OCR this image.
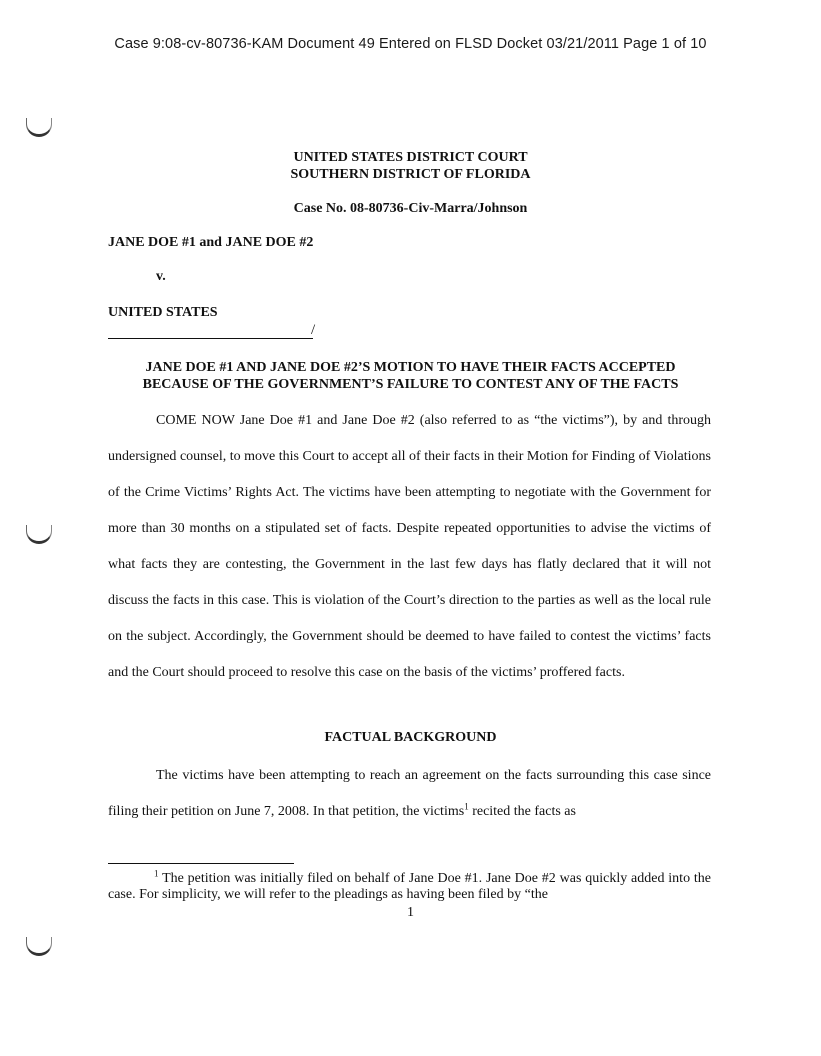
Case 9:08-cv-80736-KAM Document 49 Entered on FLSD Docket 03/21/2011 Page 1 of 10
UNITED STATES DISTRICT COURT
SOUTHERN DISTRICT OF FLORIDA
Case No. 08-80736-Civ-Marra/Johnson
JANE DOE #1 and JANE DOE #2
v.
UNITED STATES
/
JANE DOE #1 AND JANE DOE #2’S MOTION TO HAVE THEIR FACTS ACCEPTED
BECAUSE OF THE GOVERNMENT’S FAILURE TO CONTEST ANY OF THE FACTS
COME NOW Jane Doe #1 and Jane Doe #2 (also referred to as “the victims”), by and through undersigned counsel, to move this Court to accept all of their facts in their Motion for Finding of Violations of the Crime Victims’ Rights Act. The victims have been attempting to negotiate with the Government for more than 30 months on a stipulated set of facts. Despite repeated opportunities to advise the victims of what facts they are contesting, the Government in the last few days has flatly declared that it will not discuss the facts in this case. This is violation of the Court’s direction to the parties as well as the local rule on the subject. Accordingly, the Government should be deemed to have failed to contest the victims’ facts and the Court should proceed to resolve this case on the basis of the victims’ proffered facts.
FACTUAL BACKGROUND
The victims have been attempting to reach an agreement on the facts surrounding this case since filing their petition on June 7, 2008. In that petition, the victims$^1$ recited the facts as
$^1$ The petition was initially filed on behalf of Jane Doe #1. Jane Doe #2 was quickly added into the case. For simplicity, we will refer to the pleadings as having been filed by “the
1
